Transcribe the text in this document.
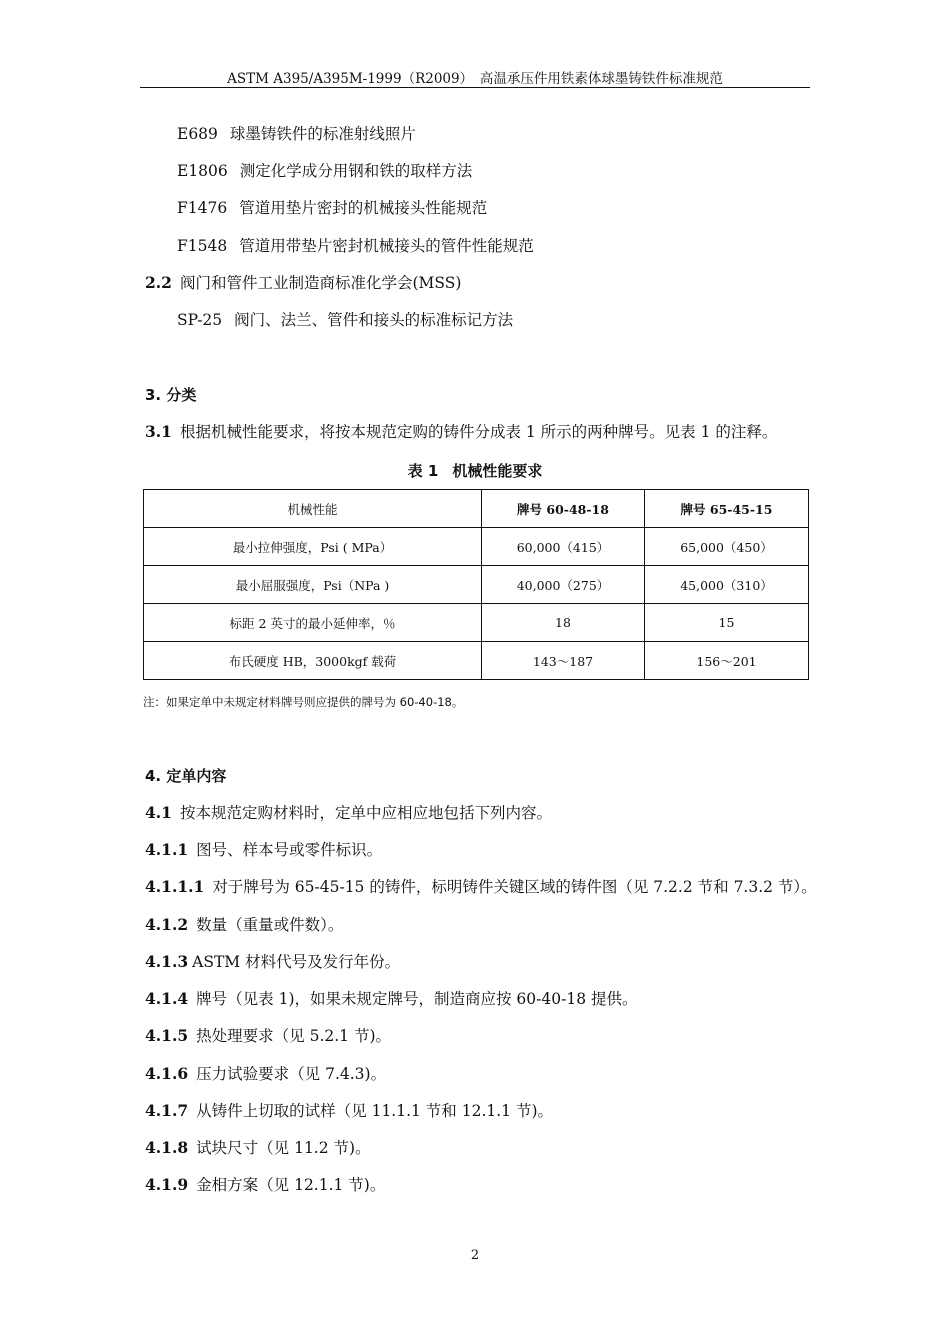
ASTM A395/A395M-1999（R2009）　高温承压件用铁素体球墨铸铁件标准规范
E689 球墨铸铁件的标准射线照片
E1806 测定化学成分用钢和铁的取样方法
F1476 管道用垫片密封的机械接头性能规范
F1548 管道用带垫片密封机械接头的管件性能规范
2.2 阀门和管件工业制造商标准化学会(MSS)
SP-25 阀门、法兰、管件和接头的标准标记方法
3. 分类
3.1 根据机械性能要求，将按本规范定购的铸件分成表 1 所示的两种牌号。见表 1 的注释。
表 1 机械性能要求
机械性能	牌号 60-48-18	牌号 65-45-15
最小拉伸强度，Psi ( MPa）	60,000（415）	65,000（450）
最小屈服强度，Psi（NPa )	40,000（275）	45,000（310）
标距 2 英寸的最小延伸率，％	18	15
布氏硬度 HB，3000kgf 载荷	143～187	156～201
注：如果定单中未规定材料牌号则应提供的牌号为 60-40-18。
4. 定单内容
4.1 按本规范定购材料时，定单中应相应地包括下列内容。
4.1.1 图号、样本号或零件标识。
4.1.1.1 对于牌号为 65-45-15 的铸件，标明铸件关键区域的铸件图（见 7.2.2 节和 7.3.2 节）。
4.1.2 数量（重量或件数）。
4.1.3 ASTM 材料代号及发行年份。
4.1.4 牌号（见表 1)，如果未规定牌号，制造商应按 60-40-18 提供。
4.1.5 热处理要求（见 5.2.1 节)。
4.1.6 压力试验要求（见 7.4.3)。
4.1.7 从铸件上切取的试样（见 11.1.1 节和 12.1.1 节)。
4.1.8 试块尺寸（见 11.2 节)。
4.1.9 金相方案（见 12.1.1 节)。
2
